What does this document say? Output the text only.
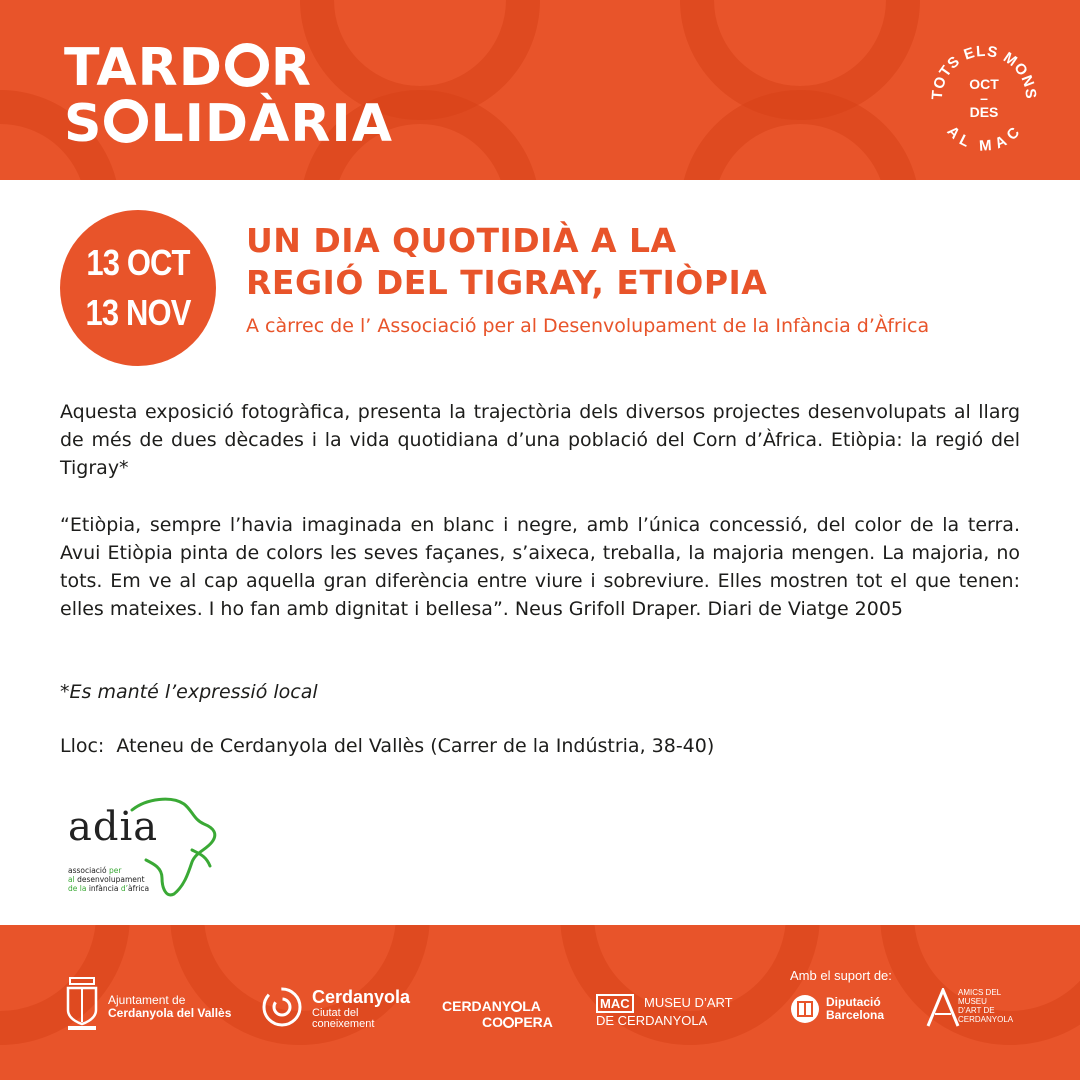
TARD R
S LIDÀRIA	TOTS ELS MONS
AL MAC
OCT
–
DES
13 OCT
13 NOV
UN DIA QUOTIDIÀ A LA
REGIÓ DEL TIGRAY, ETIÒPIA
A càrrec de l’ Associació per al Desenvolupament de la Infància d’Àfrica
Aquesta exposició fotogràfica, presenta la trajectòria dels diversos projectes desenvolupats al llarg de més de dues dècades i la vida quotidiana d’una població del Corn d’Àfrica. Etiòpia: la regió del Tigray*
“Etiòpia, sempre l’havia imaginada en blanc i negre, amb l’única concessió, del color de la terra. Avui Etiòpia pinta de colors les seves façanes, s’aixeca, treballa, la majoria mengen. La majoria, no tots. Em ve al cap aquella gran diferència entre viure i sobreviure. Elles mostren tot el que tenen: elles mateixes. I ho fan amb dignitat i bellesa”. Neus Grifoll Draper. Diari de Viatge 2005
*Es manté l’expressió local
Lloc:  Ateneu de Cerdanyola del Vallès (Carrer de la Indústria, 38-40)
adia
associació per
al desenvolupament
de la infància d’àfrica
Ajuntament de
Cerdanyola del Vallès
Cerdanyola
Ciutat del
coneixement
CERDANY LA
CO PERA
MAC	MUSEU D’ART
DE CERDANYOLA
Amb el suport de:
Diputació
Barcelona
AMICS DEL
MUSEU
D’ART DE
CERDANYOLA
